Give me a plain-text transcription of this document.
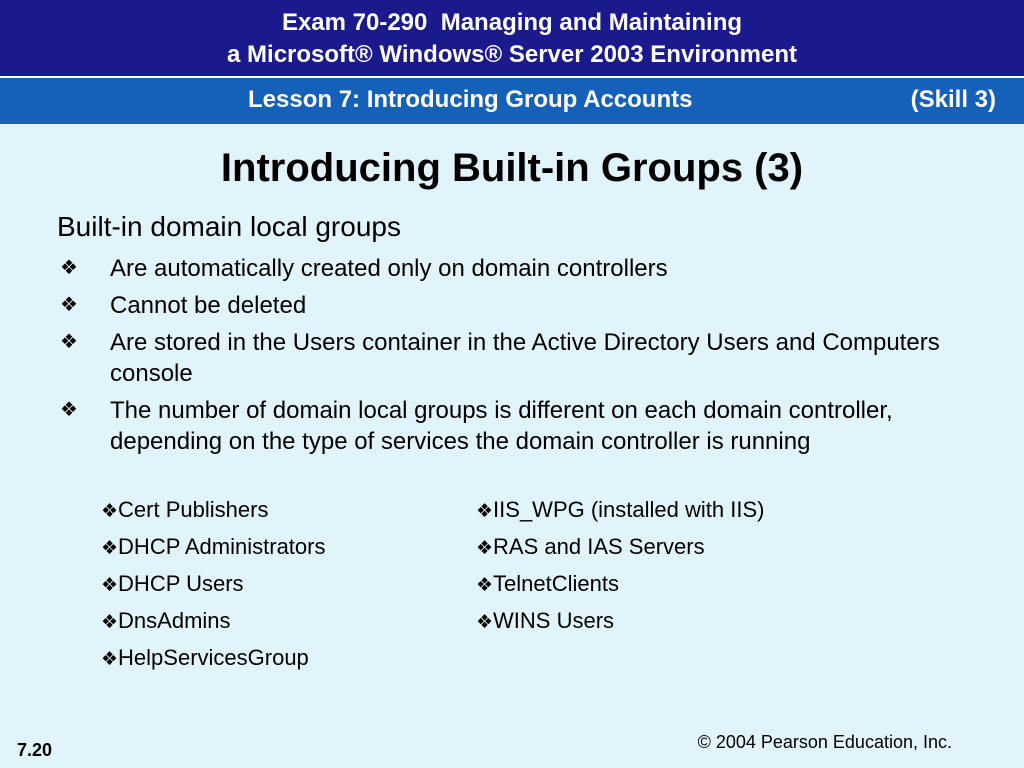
Exam 70-290  Managing and Maintaining
a Microsoft® Windows® Server 2003 Environment
Lesson 7: Introducing Group Accounts	(Skill 3)
Introducing Built-in Groups (3)
Built-in domain local groups
❖ Are automatically created only on domain controllers
❖ Cannot be deleted
❖ Are stored in the Users container in the Active Directory Users and Computers console
❖ The number of domain local groups is different on each domain controller, depending on the type of services the domain controller is running
❖Cert Publishers
❖DHCP Administrators
❖DHCP Users
❖DnsAdmins
❖HelpServicesGroup
❖IIS_WPG (installed with IIS)
❖RAS and IAS Servers
❖TelnetClients
❖WINS Users
7.20	© 2004 Pearson Education, Inc.
